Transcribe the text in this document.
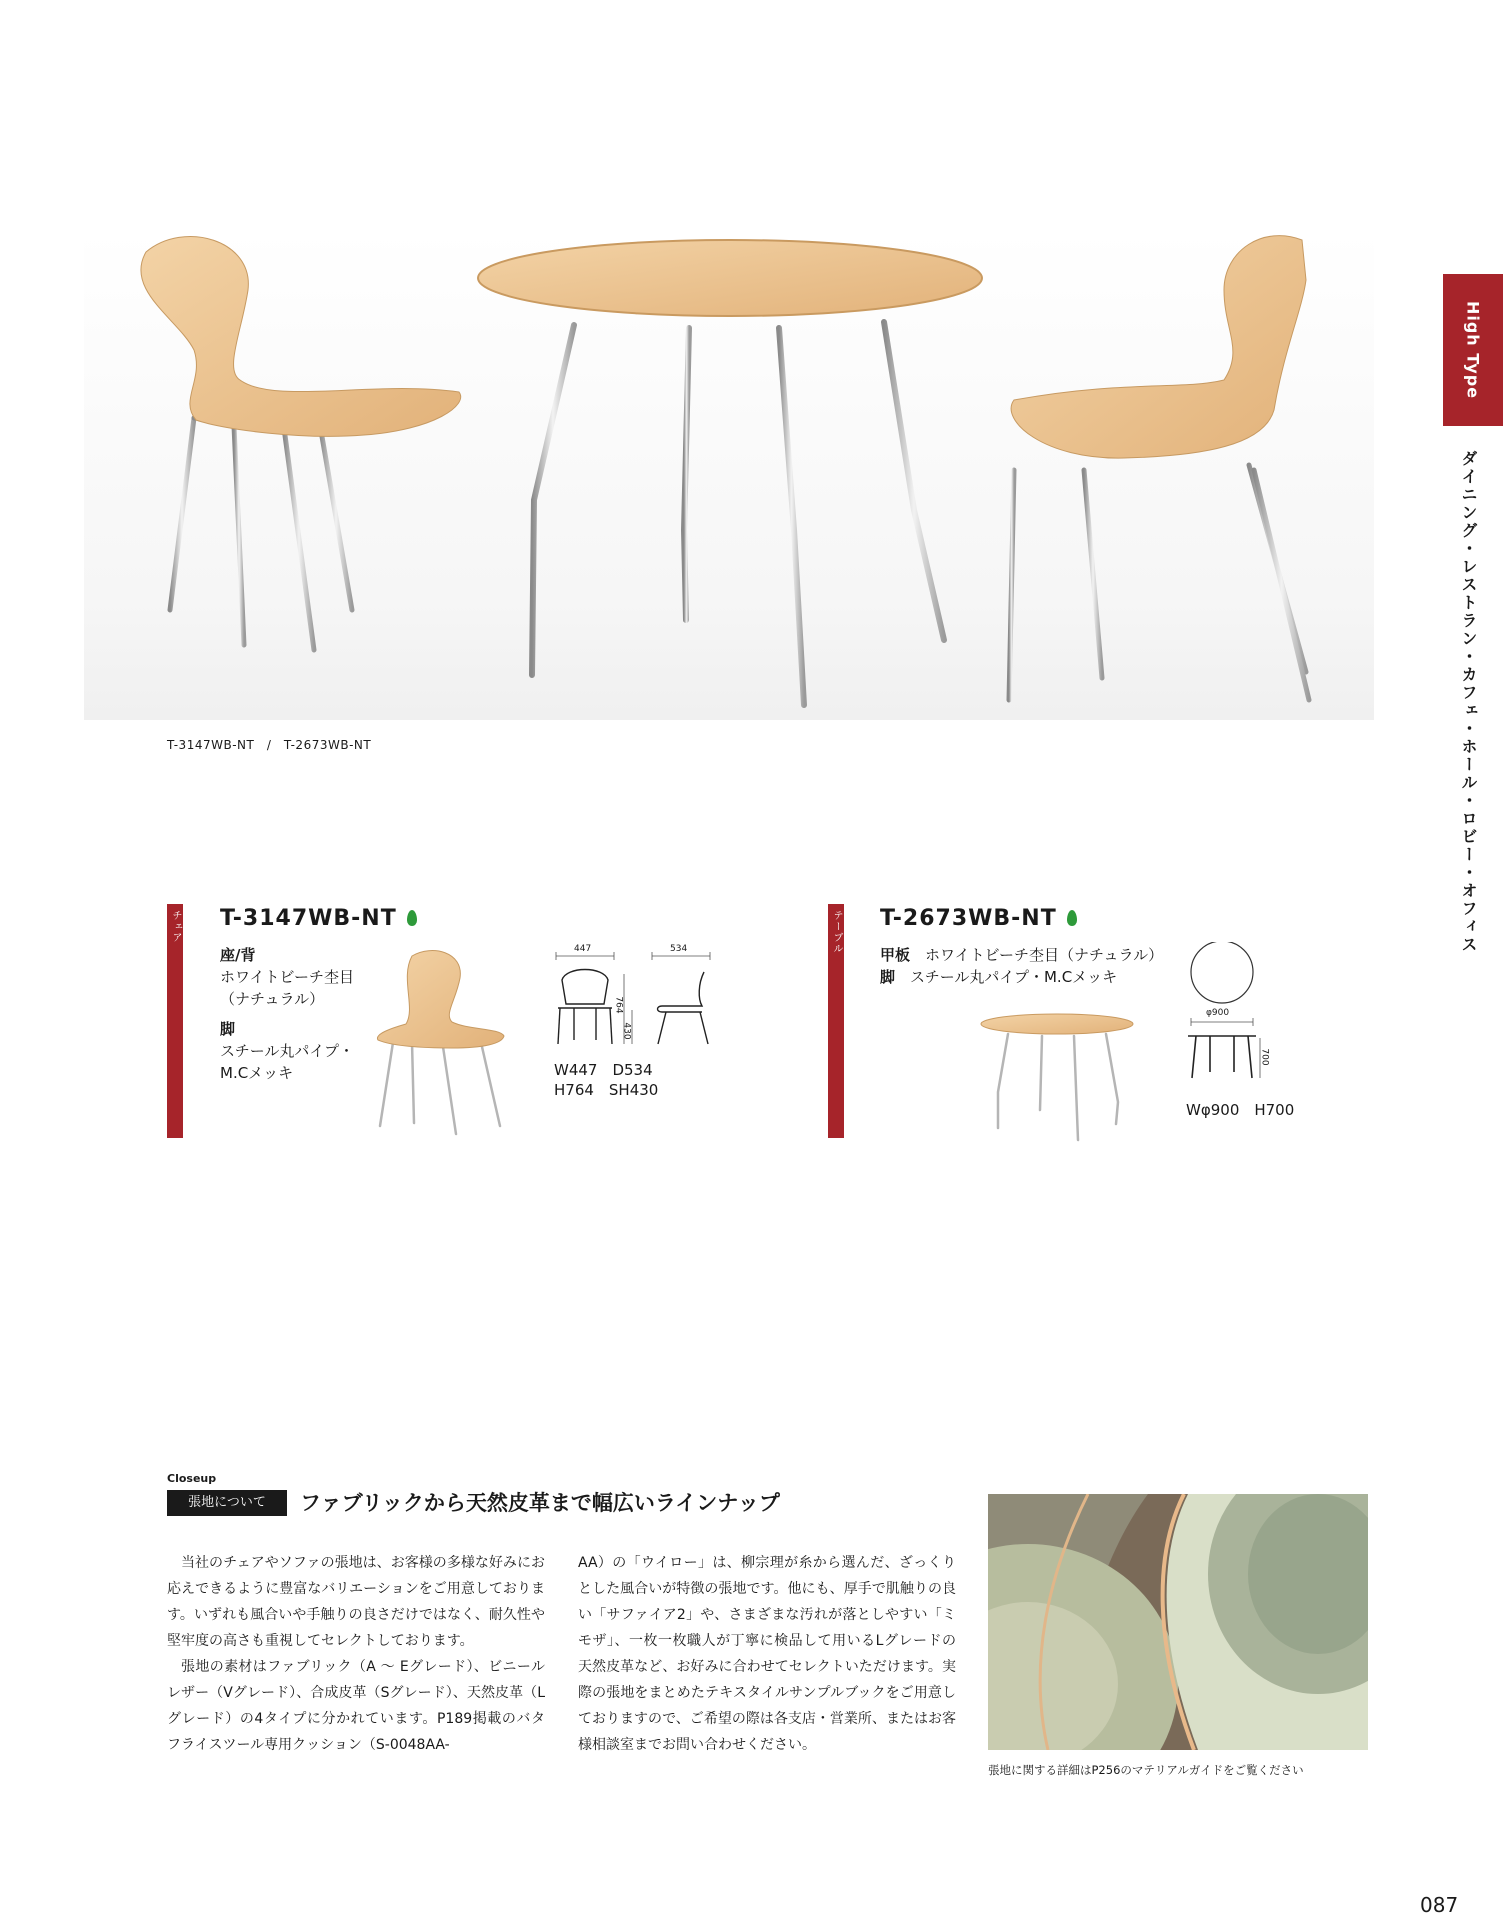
T-3147WB-NT　/　T-2673WB-NT
High Type
ダイニング・レストラン・カフェ・ホール・ロビー・オフィス
チェア T-3147WB-NT
座/背
ホワイトビーチ杢目
（ナチュラル）
脚
スチール丸パイプ・
M.Cメッキ
447	534
764
430
W447　D534
H764　SH430
テーブル T-2673WB-NT
甲板　 ホワイトビーチ杢目（ナチュラル）
脚　 スチール丸パイプ・M.Cメッキ
φ900
700
Wφ900　H700
Closeup
張地について	ファブリックから天然皮革まで幅広いラインナップ

当社のチェアやソファの張地は、お客様の多様な好みにお応えできるように豊富なバリエーションをご用意しております。いずれも風合いや手触りの良さだけではなく、耐久性や堅牢度の高さも重視してセレクトしております。

張地の素材はファブリック（A ～ Eグレード）、ビニールレザー（Vグレード）、合成皮革（Sグレード）、天然皮革（Lグレード）の4タイプに分かれています。P189掲載のバタフライスツール専用クッション（S-0048AA-

AA）の「ウイロー」は、柳宗理が糸から選んだ、ざっくりとした風合いが特徴の張地です。他にも、厚手で肌触りの良い「サファイア2」や、さまざまな汚れが落としやすい「ミモザ」、一枚一枚職人が丁寧に検品して用いるLグレードの天然皮革など、お好みに合わせてセレクトいただけます。実際の張地をまとめたテキスタイルサンプルブックをご用意しておりますので、ご希望の際は各支店・営業所、またはお客様相談室までお問い合わせください。

張地に関する詳細はP256のマテリアルガイドをご覧ください
087
